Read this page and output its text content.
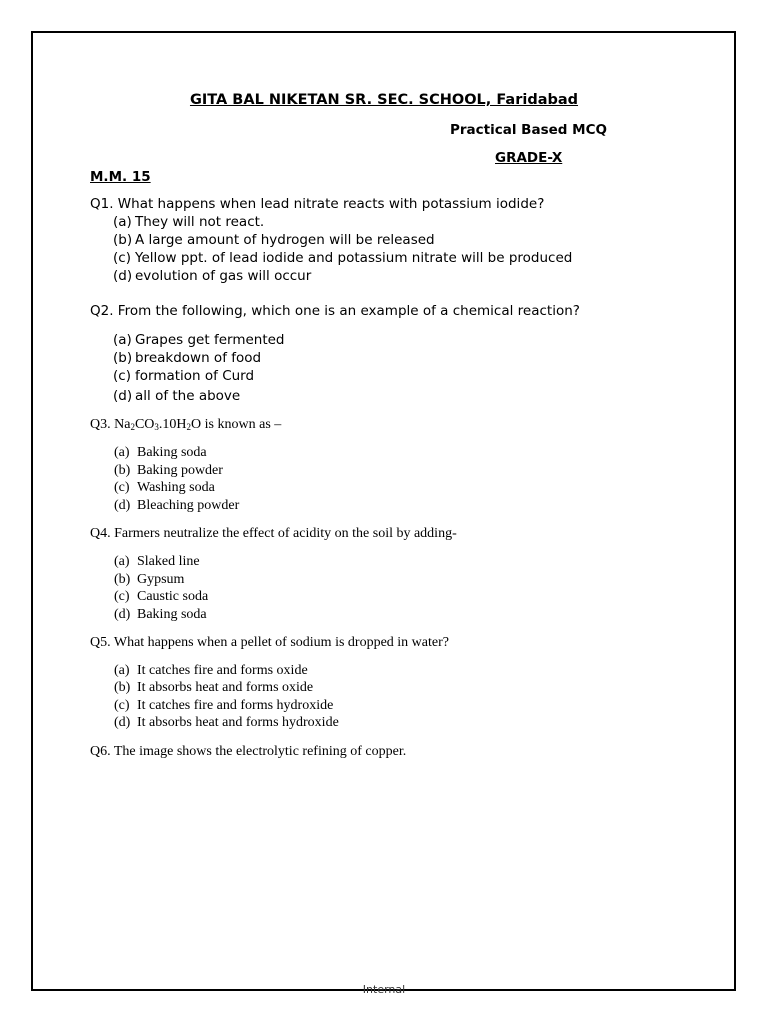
GITA BAL NIKETAN SR. SEC. SCHOOL, Faridabad
Practical Based MCQ
GRADE-X
M.M. 15
Q1. What happens when lead nitrate reacts with potassium iodide?
(a) They will not react.
(b) A large amount of hydrogen will be released
(c) Yellow ppt. of lead iodide and potassium nitrate will be produced
(d) evolution of gas will occur
Q2. From the following, which one is an example of a chemical reaction?
(a) Grapes get fermented
(b) breakdown of food
(c) formation of Curd
(d) all of the above
Q3. $Na_2CO_3.10H_2O$ is known as –
(a) Baking soda
(b) Baking powder
(c) Washing soda
(d) Bleaching powder
Q4. Farmers neutralize the effect of acidity on the soil by adding-
(a) Slaked line
(b) Gypsum
(c) Caustic soda
(d) Baking soda
Q5. What happens when a pellet of sodium is dropped in water?
(a) It catches fire and forms oxide
(b) It absorbs heat and forms oxide
(c) It catches fire and forms hydroxide
(d) It absorbs heat and forms hydroxide
Q6. The image shows the electrolytic refining of copper.
Internal
